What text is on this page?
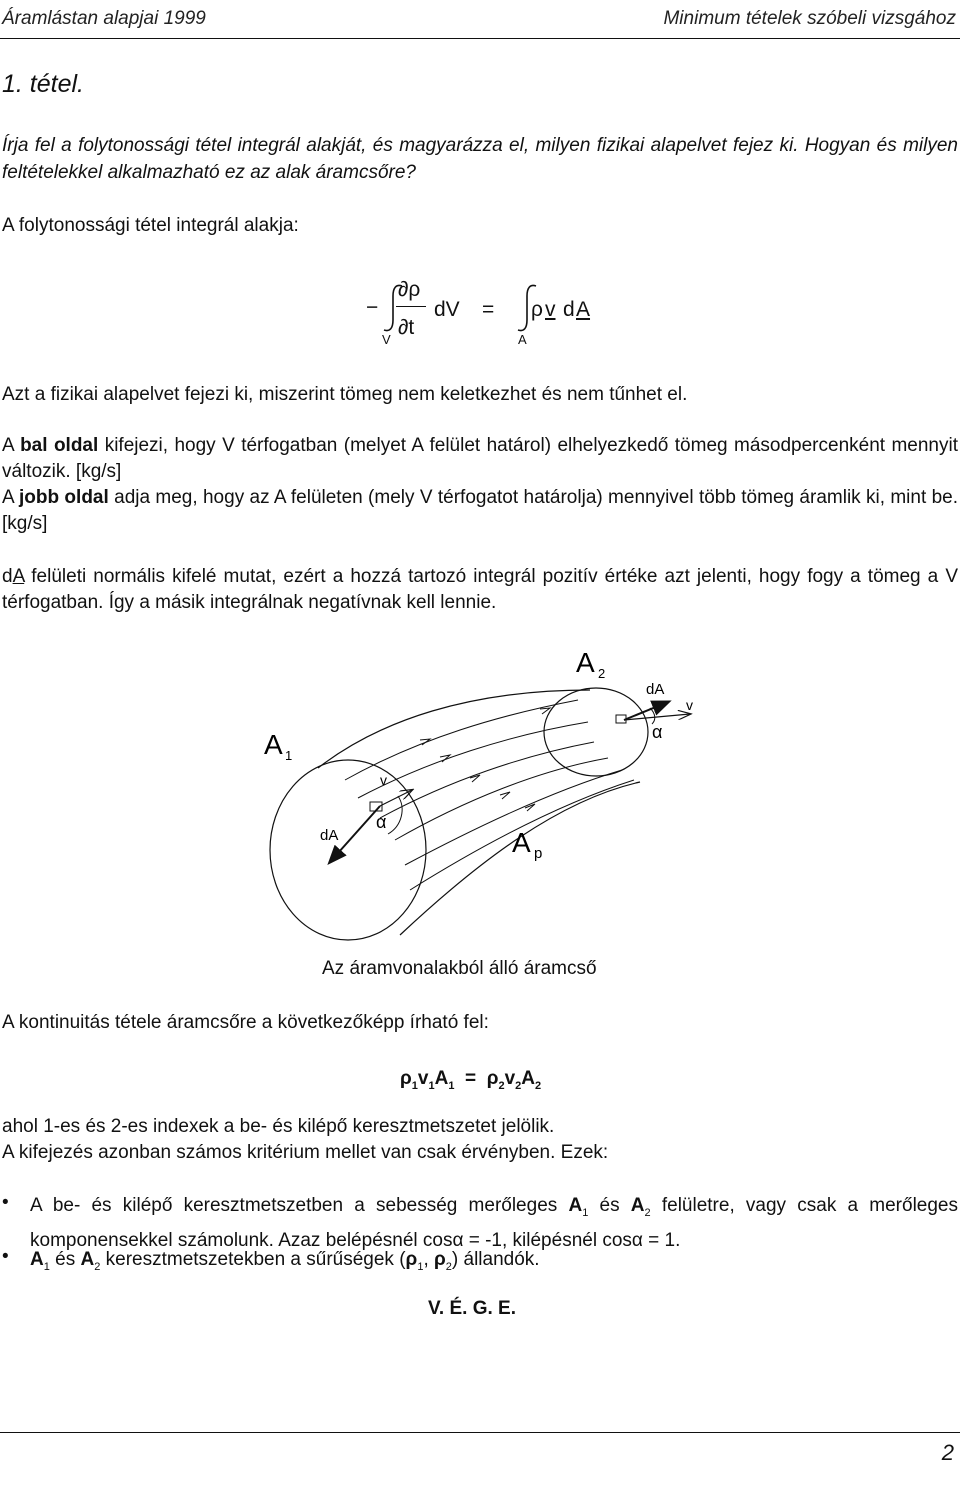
Áramlástan alapjai 1999	Minimum tételek szóbeli vizsgához
1. tétel.
Írja fel a folytonossági tétel integrál alakját, és magyarázza el, milyen fizikai alapelvet fejez ki. Hogyan és milyen feltételekkel alkalmazható ez az alak áramcsőre?
A folytonossági tétel integrál alakja:
−
∂ρ
∂t
V
dV =
A
ρ v d A
Azt a fizikai alapelvet fejezi ki, miszerint tömeg nem keletkezhet és nem tűnhet el.
A bal oldal kifejezi, hogy V térfogatban (melyet A felület határol) elhelyezkedő tömeg másodpercenként mennyit változik. [kg/s]
A jobb oldal adja meg, hogy az A felületen (mely V térfogatot határolja) mennyivel több tömeg áramlik ki, mint be. [kg/s]
dA felületi normális kifelé mutat, ezért a hozzá tartozó integrál pozitív értéke azt jelenti, hogy fogy a tömeg a V térfogatban. Így a másik integrálnak negatívnak kell lennie.
A 1
A 2
A p
dA
dA
v
v
α
α
Az áramvonalakból álló áramcső
A kontinuitás tétele áramcsőre a következőképp írható fel:
$\rho_1v_1A_1 = \rho_2v_2A_2$
ahol 1-es és 2-es indexek a be- és kilépő keresztmetszetet jelölik.
A kifejezés azonban számos kritérium mellet van csak érvényben. Ezek:
• A be- és kilépő keresztmetszetben a sebesség merőleges $A_1$ és $A_2$ felületre, vagy csak a merőleges komponensekkel számolunk. Azaz belépésnél cosα = -1, kilépésnél cosα = 1.
• $A_1$ és $A_2$ keresztmetszetekben a sűrűségek ($\rho_1$, $\rho_2$) állandók.
V. É. G. E.
2
